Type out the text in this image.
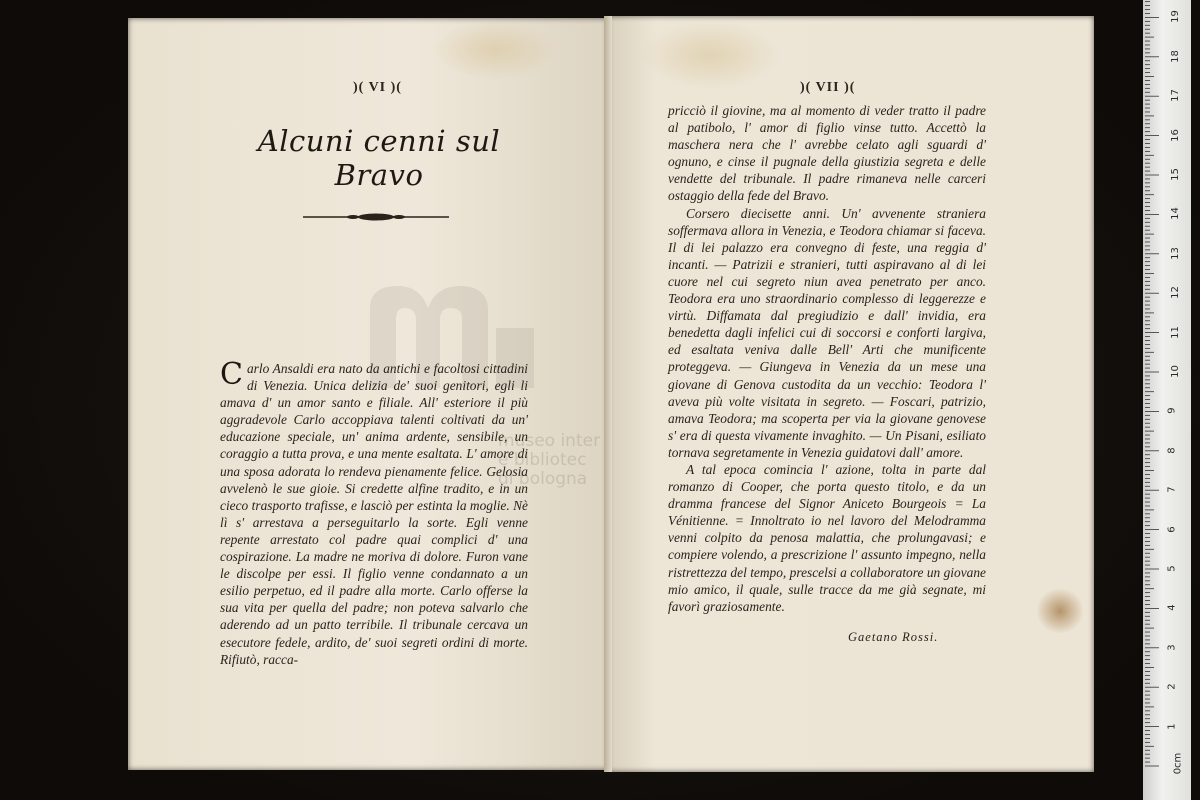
museo inter
e bibliotec
di bologna
)( VI )(
Alcuni cenni sul Bravo

Carlo Ansaldi era nato da antichi e facoltosi cittadini di Venezia. Unica delizia de' suoi genitori, egli li amava d' un amor santo e filiale. All' esteriore il più aggradevole Carlo accoppiava talenti coltivati da un' educazione speciale, un' anima ardente, sensibile, un coraggio a tutta prova, e una mente esaltata. L' amore di una sposa adorata lo rendeva pienamente felice. Gelosia avvelenò le sue gioie. Si credette alfine tradito, e in un cieco trasporto trafisse, e lasciò per estinta la moglie. Nè lì s' arrestava a perseguitarlo la sorte. Egli venne repente arrestato col padre quai complici d' una cospirazione. La madre ne moriva di dolore. Furon vane le discolpe per essi. Il figlio venne condannato a un esilio perpetuo, ed il padre alla morte. Carlo offerse la sua vita per quella del padre; non poteva salvarlo che aderendo ad un patto terribile. Il tribunale cercava un esecutore fedele, ardito, de' suoi segreti ordini di morte. Rifiutò, racca-

)( VII )(

pricciò il giovine, ma al momento di veder tratto il padre al patibolo, l' amor di figlio vinse tutto. Accettò la maschera nera che l' avrebbe celato agli sguardi d' ognuno, e cinse il pugnale della giustizia segreta e delle vendette del tribunale. Il padre rimaneva nelle carceri ostaggio della fede del Bravo.

Corsero diecisette anni. Un' avvenente straniera soffermava allora in Venezia, e Teodora chiamar si faceva. Il di lei palazzo era convegno di feste, una reggia d' incanti. — Patrizii e stranieri, tutti aspiravano al di lei cuore nel cui segreto niun avea penetrato per anco. Teodora era uno straordinario complesso di leggerezze e virtù. Diffamata dal pregiudizio e dall' invidia, era benedetta dagli infelici cui di soccorsi e conforti largiva, ed esaltata veniva dalle Bell' Arti che munificente proteggeva. — Giungeva in Venezia da un mese una giovane di Genova custodita da un vecchio: Teodora l' aveva più volte visitata in segreto. — Foscari, patrizio, amava Teodora; ma scoperta per via la giovane genovese s' era di questa vivamente invaghito. — Un Pisani, esiliato tornava segretamente in Venezia guidatovi dall' amore.

A tal epoca comincia l' azione, tolta in parte dal romanzo di Cooper, che porta questo titolo, e da un dramma francese del Signor Aniceto Bourgeois = La Vénitienne. = Innoltrato io nel lavoro del Melodramma venni colpito da penosa malattia, che prolungavasi; e compiere volendo, a prescrizione l' assunto impegno, nella ristrettezza del tempo, prescelsi a collaboratore un giovane mio amico, il quale, sulle tracce da me già segnate, mi favorì graziosamente.

Gaetano Rossi.
0cm
1
2
3
4
5
6
7
8
9
10
11
12
13
14
15
16
17
18
19
